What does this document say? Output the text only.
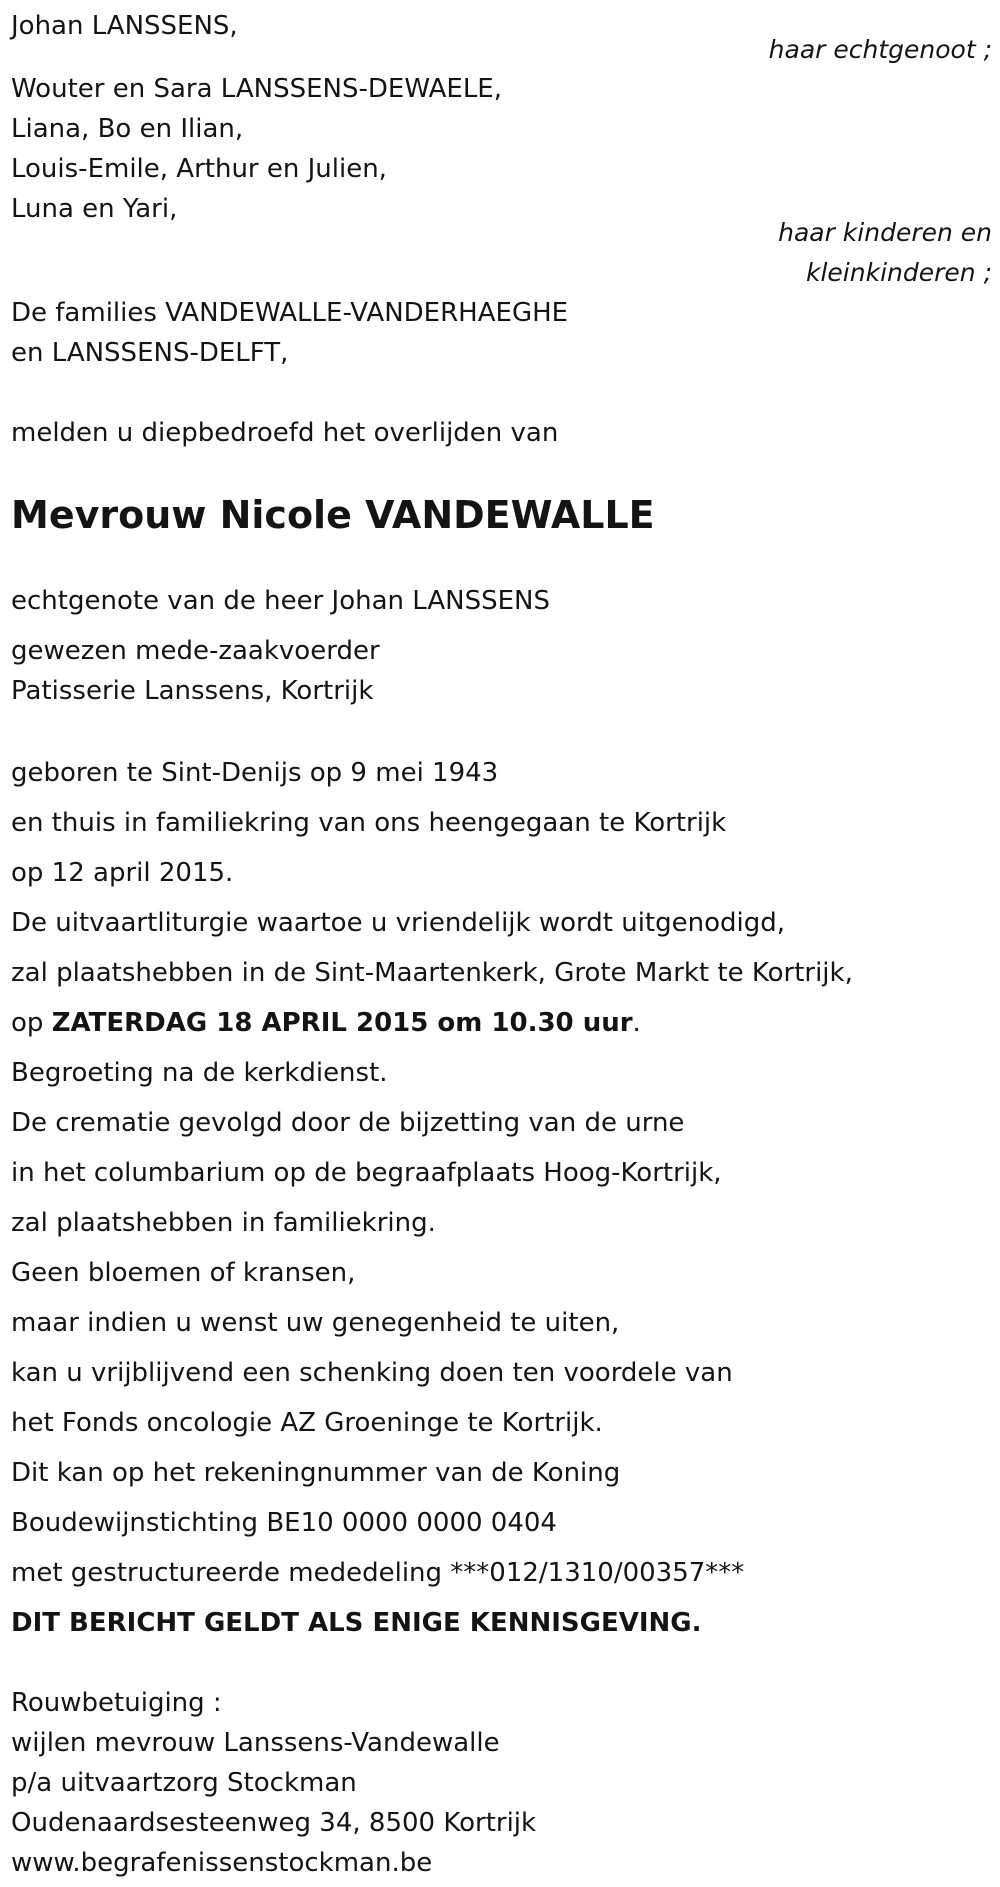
Johan LANSSENS,
haar echtgenoot ;
Wouter en Sara LANSSENS-DEWAELE,
Liana, Bo en Ilian,
Louis-Emile, Arthur en Julien,
Luna en Yari,
haar kinderen en
kleinkinderen ;
De families VANDEWALLE-VANDERHAEGHE
en LANSSENS-DELFT,
melden u diepbedroefd het overlijden van
Mevrouw Nicole VANDEWALLE
echtgenote van de heer Johan LANSSENS
gewezen mede-zaakvoerder
Patisserie Lanssens, Kortrijk
geboren te Sint-Denijs op 9 mei 1943
en thuis in familiekring van ons heengegaan te Kortrijk
op 12 april 2015.
De uitvaartliturgie waartoe u vriendelijk wordt uitgenodigd,
zal plaatshebben in de Sint-Maartenkerk, Grote Markt te Kortrijk,
op ZATERDAG 18 APRIL 2015 om 10.30 uur.
Begroeting na de kerkdienst.
De crematie gevolgd door de bijzetting van de urne
in het columbarium op de begraafplaats Hoog-Kortrijk,
zal plaatshebben in familiekring.
Geen bloemen of kransen,
maar indien u wenst uw genegenheid te uiten,
kan u vrijblijvend een schenking doen ten voordele van
het Fonds oncologie AZ Groeninge te Kortrijk.
Dit kan op het rekeningnummer van de Koning
Boudewijnstichting BE10 0000 0000 0404
met gestructureerde mededeling ***012/1310/00357***
DIT BERICHT GELDT ALS ENIGE KENNISGEVING.
Rouwbetuiging :
wijlen mevrouw Lanssens-Vandewalle
p/a uitvaartzorg Stockman
Oudenaardsesteenweg 34, 8500 Kortrijk
www.begrafenissenstockman.be
